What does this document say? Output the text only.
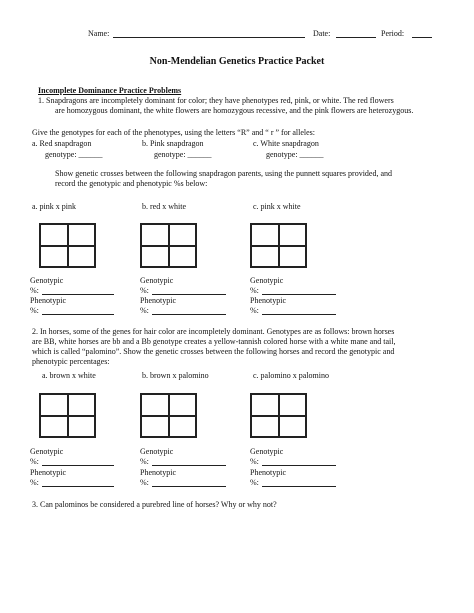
Name:	Date:	Period:
Non-Mendelian Genetics Practice Packet
Incomplete Dominance Practice Problems
1. Snapdragons are incompletely dominant for color; they have phenotypes red, pink, or white. The red flowers
are homozygous dominant, the white flowers are homozygous recessive, and the pink flowers are heterozygous.
Give the genotypes for each of the phenotypes, using the letters “R” and “ r ” for alleles:
a. Red snapdragon	b. Pink snapdragon	c. White snapdragon
genotype: ______	genotype: ______	genotype: ______
Show genetic crosses between the following snapdragon parents, using the punnett squares provided, and
record the genotypic and phenotypic %s below:
a. pink x pink	b. red x white	c. pink x white
Genotypic	Genotypic	Genotypic
%:	%:	%:
Phenotypic	Phenotypic	Phenotypic
%:	%:	%:
2. In horses, some of the genes for hair color are incompletely dominant. Genotypes are as follows: brown horses
are BB, white horses are bb and a Bb genotype creates a yellow-tannish colored horse with a white mane and tail,
which is called “palomino”. Show the genetic crosses between the following horses and record the genotypic and
phenotypic percentages:
a. brown x white	b. brown x palomino	c. palomino x palomino
Genotypic	Genotypic	Genotypic
%:	%:	%:
Phenotypic	Phenotypic	Phenotypic
%:	%:	%:
3. Can palominos be considered a purebred line of horses? Why or why not?
